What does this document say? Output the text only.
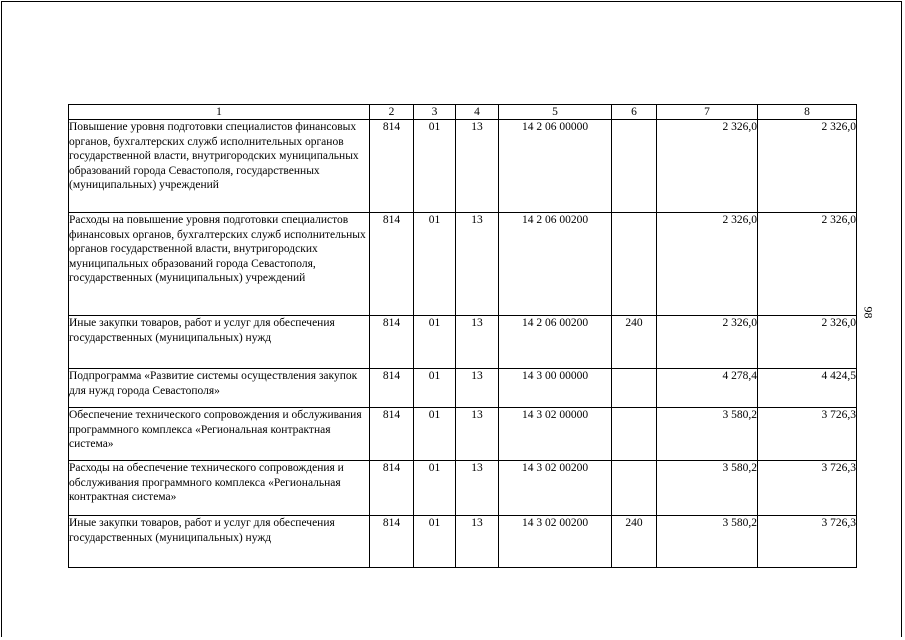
98
1	2	3	4	5	6	7	8
Повышение уровня подготовки специалистов финансовых органов, бухгалтерских служб исполнительных органов государственной власти, внутригородских муниципальных образований города Севастополя, государственных (муниципальных) учреждений	814	01	13	14 2 06 00000		2 326,0	2 326,0
Расходы на повышение уровня подготовки специалистов финансовых органов, бухгалтерских служб исполнительных органов государственной власти, внутригородских муниципальных образований города Севастополя, государственных (муниципальных) учреждений	814	01	13	14 2 06 00200		2 326,0	2 326,0
Иные закупки товаров, работ и услуг для обеспечения государственных (муниципальных) нужд	814	01	13	14 2 06 00200	240	2 326,0	2 326,0
Подпрограмма «Развитие системы осуществления закупок для нужд города Севастополя»	814	01	13	14 3 00 00000		4 278,4	4 424,5
Обеспечение технического сопровождения и обслуживания программного комплекса «Региональная контрактная система»	814	01	13	14 3 02 00000		3 580,2	3 726,3
Расходы на обеспечение технического сопровождения и обслуживания программного комплекса «Региональная контрактная система»	814	01	13	14 3 02 00200		3 580,2	3 726,3
Иные закупки товаров, работ и услуг для обеспечения государственных (муниципальных) нужд	814	01	13	14 3 02 00200	240	3 580,2	3 726,3
